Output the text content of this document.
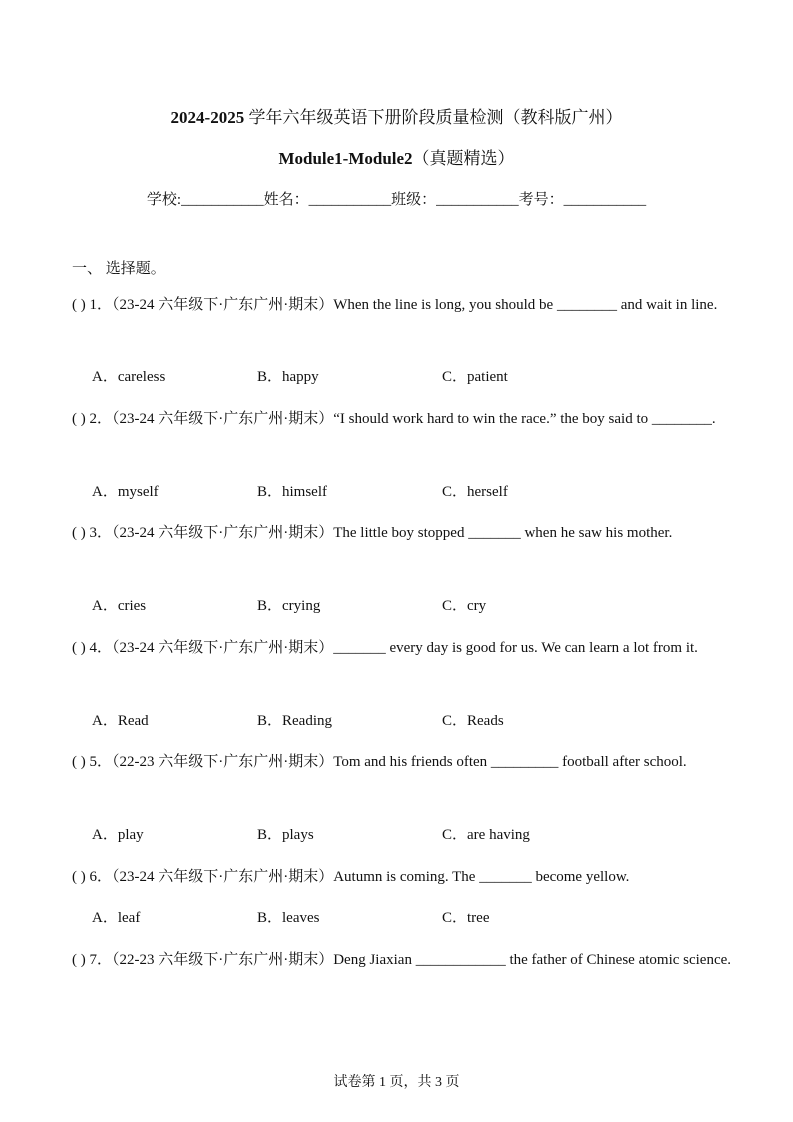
2024-2025 学年六年级英语下册阶段质量检测（教科版广州）
Module1-Module2（真题精选）
学校:___________姓名：___________班级：___________考号：___________
一、 选择题。
( ) 1．（23-24 六年级下·广东广州·期末）When the line is long, you should be ________ and wait in line.
A．careless	B．happy	C．patient
( ) 2．（23-24 六年级下·广东广州·期末）“I should work hard to win the race.” the boy said to ________.
A．myself	B．himself	C．herself
( ) 3．（23-24 六年级下·广东广州·期末）The little boy stopped _______ when he saw his mother.
A．cries	B．crying	C．cry
( ) 4．（23-24 六年级下·广东广州·期末）_______ every day is good for us. We can learn a lot from it.
A．Read	B．Reading	C．Reads
( ) 5．（22-23 六年级下·广东广州·期末）Tom and his friends often _________ football after school.
A．play	B．plays	C．are having
( ) 6．（23-24 六年级下·广东广州·期末）Autumn is coming. The _______ become yellow.
A．leaf	B．leaves	C．tree
( ) 7．（22-23 六年级下·广东广州·期末）Deng Jiaxian ____________ the father of Chinese atomic science.
试卷第 1 页，共 3 页
